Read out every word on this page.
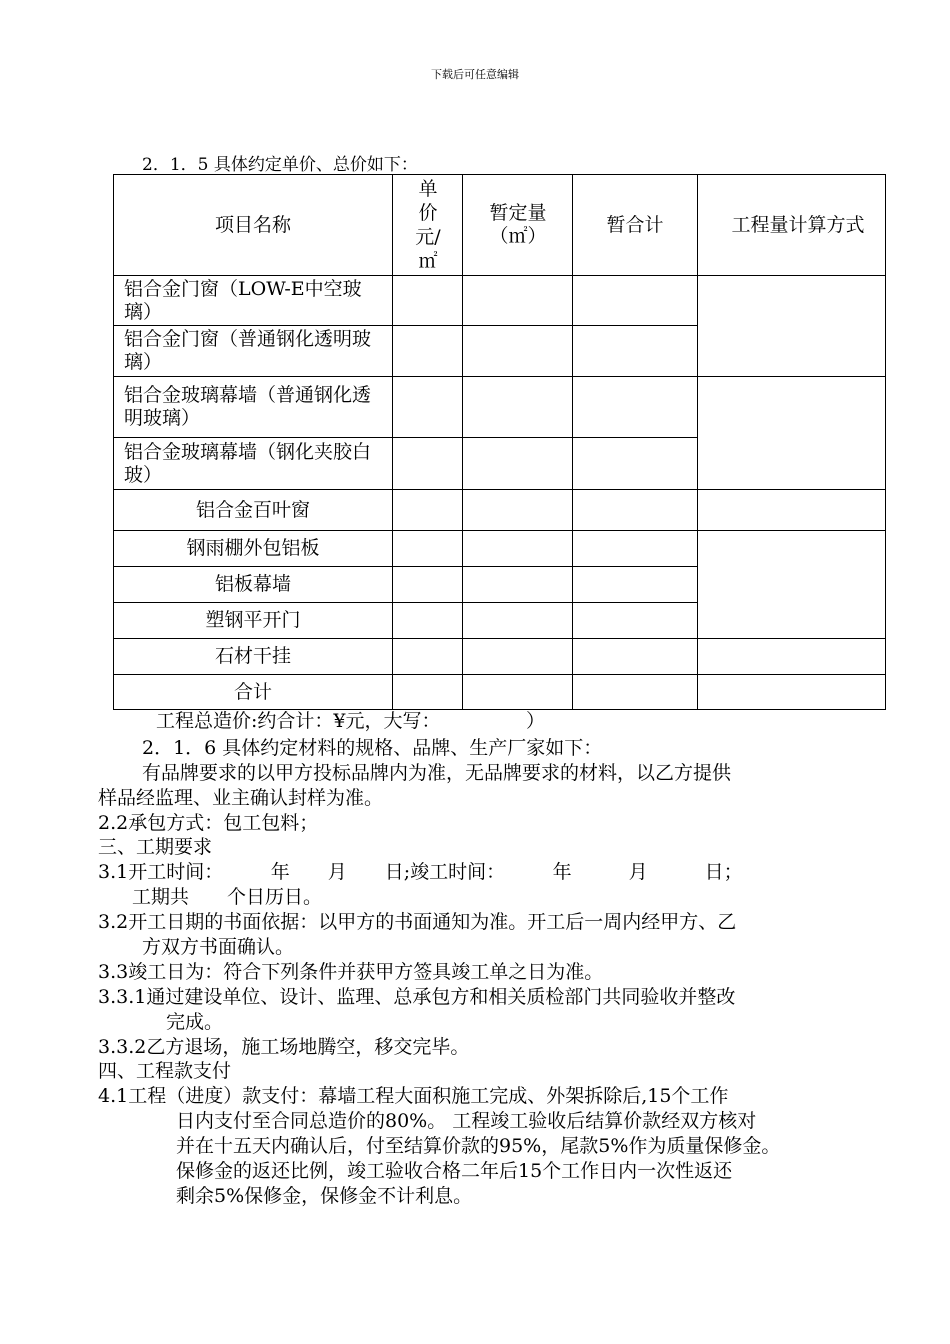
下载后可任意编辑
2．1．5 具体约定单价、总价如下：
项目名称
单价元/㎡
暂定量（㎡）
暂合计	工程量计算方式
铝合金门窗（LOW-E中空玻璃）
铝合金门窗（普通钢化透明玻璃）
铝合金玻璃幕墙（普通钢化透明玻璃）
铝合金玻璃幕墙（钢化夹胶白玻）
铝合金百叶窗
钢雨棚外包铝板
铝板幕墙
塑钢平开门
石材干挂
合计
工程总造价:约合计：¥元，大写：　　　　　）
2．1．6 具体约定材料的规格、品牌、生产厂家如下：
有品牌要求的以甲方投标品牌内为准，无品牌要求的材料，以乙方提供
样品经监理、业主确认封样为准。
2.2承包方式：包工包料；
三、工期要求
3.1开工时间：　　　年　　月　　日;竣工时间：　　　年　　　月　　　日；
工期共　　个日历日。
3.2开工日期的书面依据：以甲方的书面通知为准。开工后一周内经甲方、乙
方双方书面确认。
3.3竣工日为：符合下列条件并获甲方签具竣工单之日为准。
3.3.1通过建设单位、设计、监理、总承包方和相关质检部门共同验收并整改
完成。
3.3.2乙方退场，施工场地腾空，移交完毕。
四、工程款支付
4.1工程（进度）款支付：幕墙工程大面积施工完成、外架拆除后,15个工作
日内支付至合同总造价的80%。 工程竣工验收后结算价款经双方核对
并在十五天内确认后，付至结算价款的95%，尾款5%作为质量保修金。
保修金的返还比例，竣工验收合格二年后15个工作日内一次性返还
剩余5%保修金，保修金不计利息。
